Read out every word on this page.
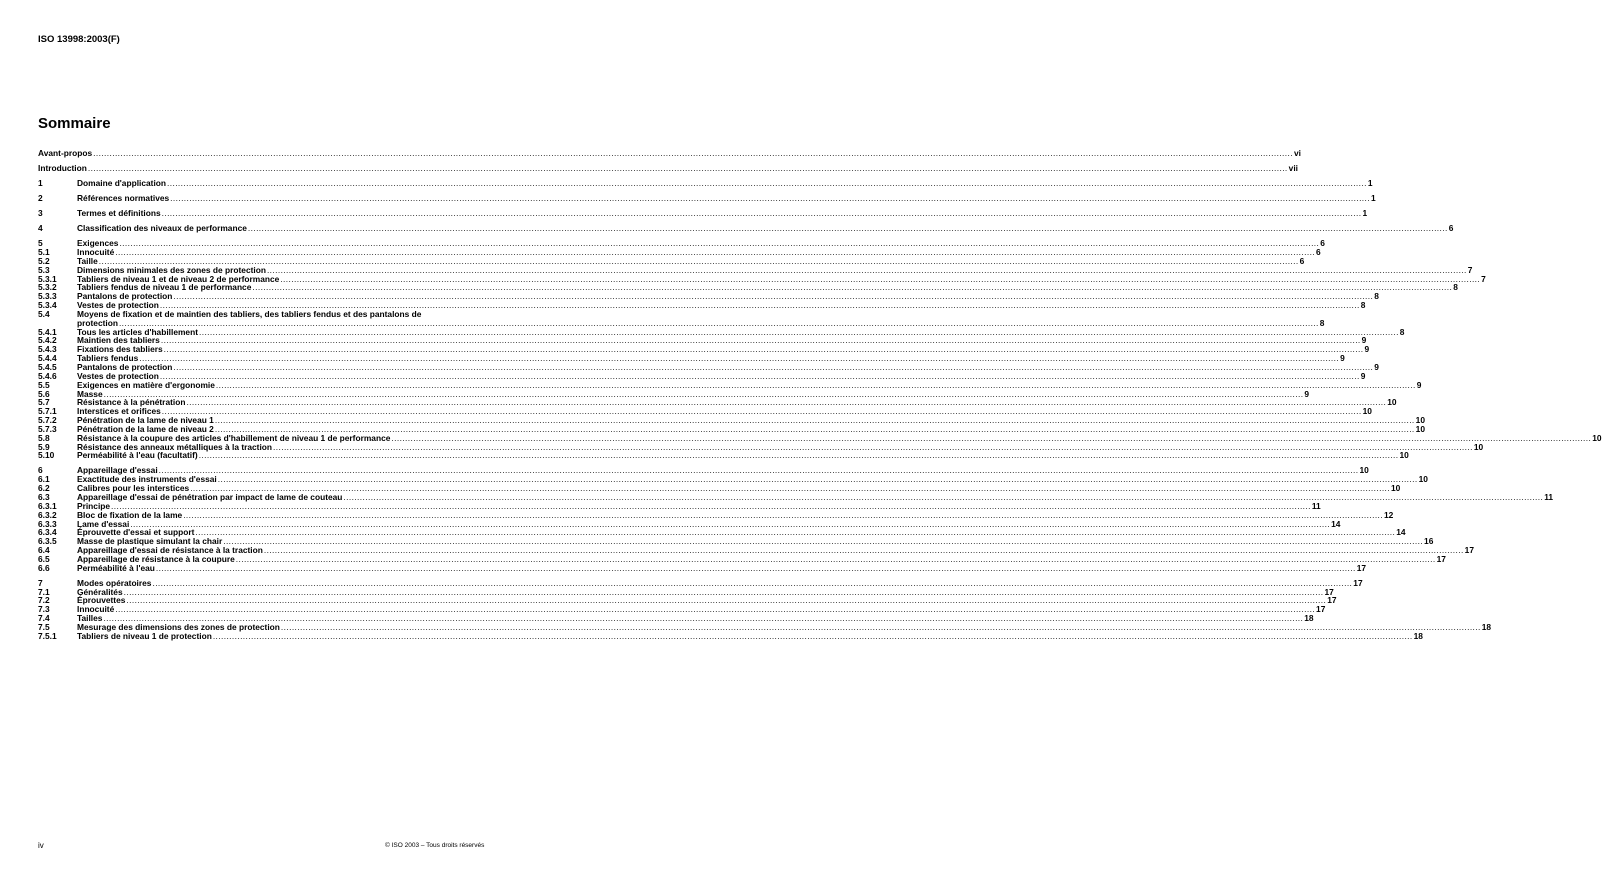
ISO 13998:2003(F)
Sommaire
Avant-propos .....	vi
Introduction .....	vii
1	Domaine d'application .....	1
2	Références normatives .....	1
3	Termes et définitions .....	1
4	Classification des niveaux de performance .....	6
5	Exigences .....	6
5.1	Innocuité .....	6
5.2	Taille .....	6
5.3	Dimensions minimales des zones de protection .....	7
5.3.1	Tabliers de niveau 1 et de niveau 2 de performance .....	7
5.3.2	Tabliers fendus de niveau 1 de performance .....	8
5.3.3	Pantalons de protection .....	8
5.3.4	Vestes de protection .....	8
5.4	Moyens de fixation et de maintien des tabliers, des tabliers fendus et des pantalons de
protection .....	8
5.4.1	Tous les articles d'habillement .....	8
5.4.2	Maintien des tabliers .....	9
5.4.3	Fixations des tabliers .....	9
5.4.4	Tabliers fendus .....	9
5.4.5	Pantalons de protection .....	9
5.4.6	Vestes de protection .....	9
5.5	Exigences en matière d'ergonomie .....	9
5.6	Masse .....	9
5.7	Résistance à la pénétration .....	10
5.7.1	Interstices et orifices .....	10
5.7.2	Pénétration de la lame de niveau 1 .....	10
5.7.3	Pénétration de la lame de niveau 2 .....	10
5.8	Résistance à la coupure des articles d'habillement de niveau 1 de performance .....	10
5.9	Résistance des anneaux métalliques à la traction .....	10
5.10	Perméabilité à l'eau (facultatif) .....	10
6	Appareillage d'essai .....	10
6.1	Exactitude des instruments d'essai .....	10
6.2	Calibres pour les interstices .....	10
6.3	Appareillage d'essai de pénétration par impact de lame de couteau .....	11
6.3.1	Principe .....	11
6.3.2	Bloc de fixation de la lame .....	12
6.3.3	Lame d'essai .....	14
6.3.4	Éprouvette d'essai et support .....	14
6.3.5	Masse de plastique simulant la chair .....	16
6.4	Appareillage d'essai de résistance à la traction .....	17
6.5	Appareillage de résistance à la coupure .....	17
6.6	Perméabilité à l'eau .....	17
7	Modes opératoires .....	17
7.1	Généralités .....	17
7.2	Éprouvettes .....	17
7.3	Innocuité .....	17
7.4	Tailles .....	18
7.5	Mesurage des dimensions des zones de protection .....	18
7.5.1	Tabliers de niveau 1 de protection .....	18
iv	© ISO 2003 – Tous droits réservés
